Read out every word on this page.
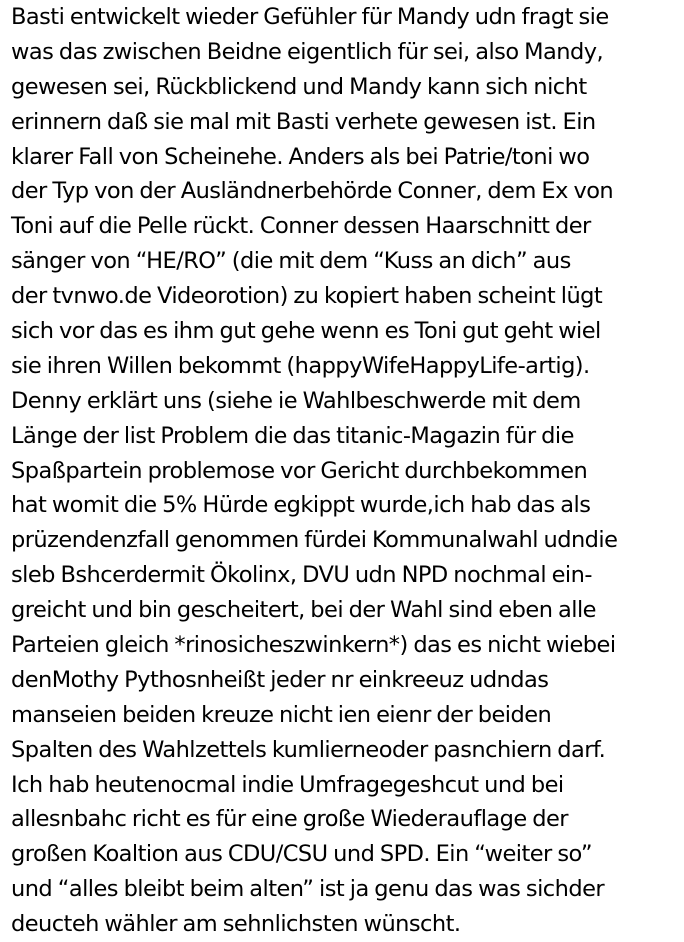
Basti entwickelt wieder Gefühler für Mandy udn fragt sie
was das zwischen Beidne eigentlich für sei, also Mandy,
gewesen sei, Rückblickend und Mandy kann sich nicht
erinnern daß sie mal mit Basti verhete gewesen ist. Ein
klarer Fall von Scheinehe. Anders als bei Patrie/toni wo
der Typ von der Ausländnerbehörde Conner, dem Ex von
Toni auf die Pelle rückt. Conner dessen Haarschnitt der
sänger von “HE/RO” (die mit dem “Kuss an dich” aus
der tvnwo.de Videorotion) zu kopiert haben scheint lügt
sich vor das es ihm gut gehe wenn es Toni gut geht wiel
sie ihren Willen bekommt (happyWifeHappyLife-artig).
Denny erklärt uns (siehe ie Wahlbeschwerde mit dem
Länge der list Problem die das titanic-Magazin für die
Spaßpartein problemose vor Gericht durchbekommen
hat womit die 5% Hürde egkippt wurde,ich hab das als
prüzendenzfall genommen fürdei Kommunalwahl udndie
sleb Bshcerdermit Ökolinx, DVU udn NPD nochmal ein-
greicht und bin gescheitert, bei der Wahl sind eben alle
Parteien gleich *rinosicheszwinkern*) das es nicht wiebei
denMothy Pythosnheißt jeder nr einkreeuz udndas
manseien beiden kreuze nicht ien eienr der beiden
Spalten des Wahlzettels kumlierneoder pasnchiern darf.
Ich hab heutenocmal indie Umfragegeshcut und bei
allesnbahc richt es für eine große Wiederauflage der
großen Koaltion aus CDU/CSU und SPD. Ein “weiter so”
und “alles bleibt beim alten” ist ja genu das was sichder
deucteh wähler am sehnlichsten wünscht.
